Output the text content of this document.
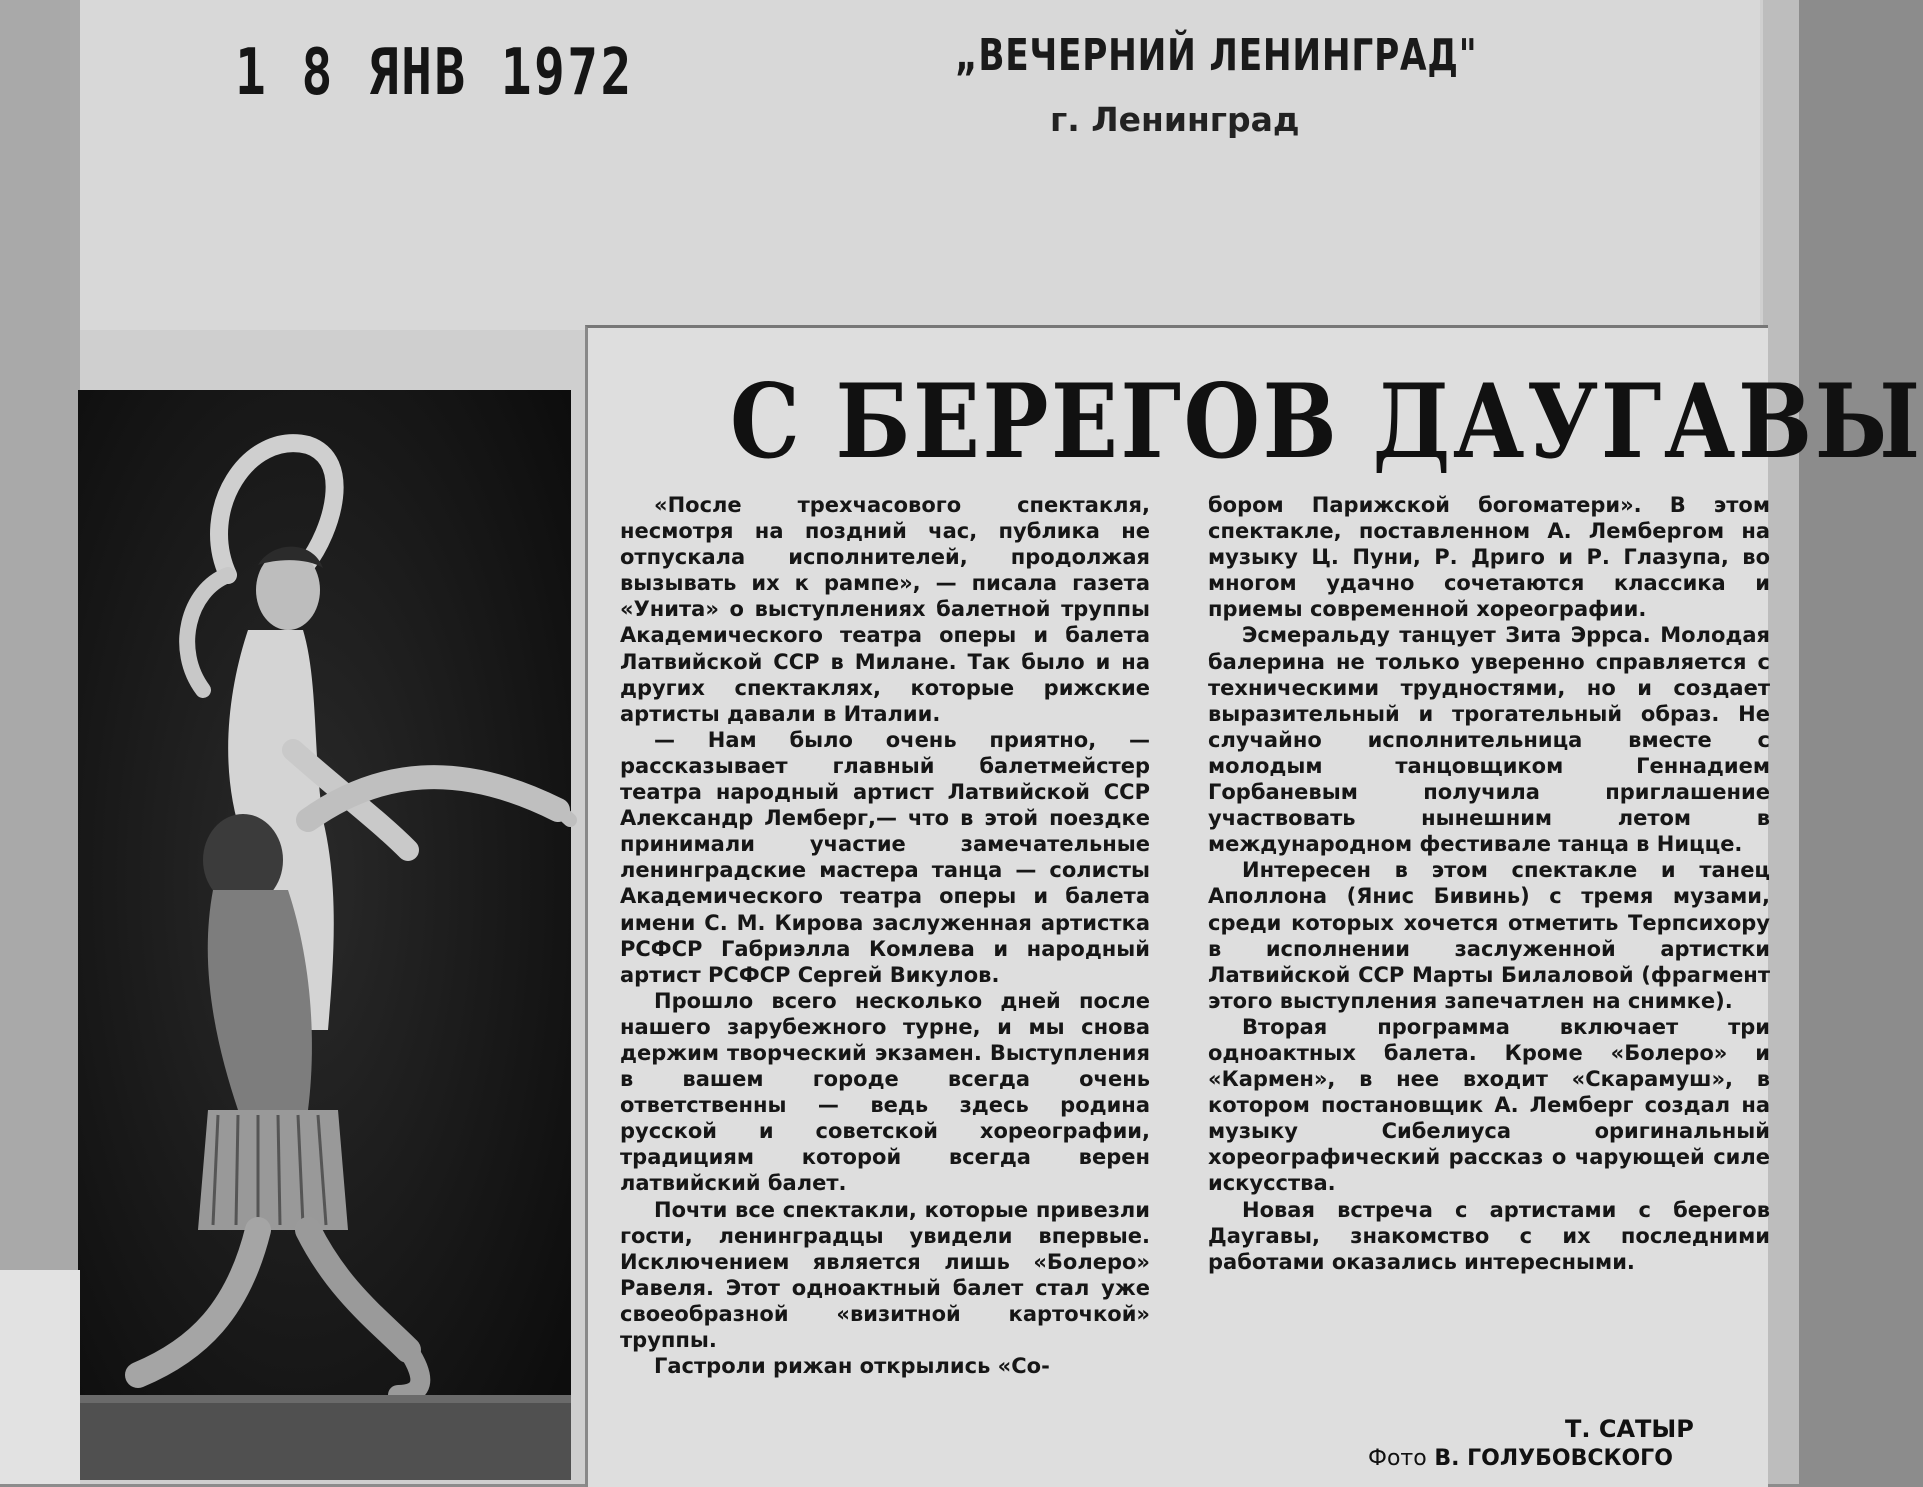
1 8 ЯНВ 1972	„ВЕЧЕРНИЙ ЛЕНИНГРАД"
г. Ленинград
С БЕРЕГОВ ДАУГАВЫ

«После трехчасового спектакля, несмотря на поздний час, публика не отпускала исполнителей, продолжая вызывать их к рампе», — писала газета «Унита» о выступлениях балетной труппы Академического театра оперы и балета Латвийской ССР в Милане. Так было и на других спектаклях, которые рижские артисты давали в Италии.

— Нам было очень приятно, — рассказывает главный балетмейстер театра народный артист Латвийской ССР Александр Лемберг,— что в этой поездке принимали участие замечательные ленинградские мастера танца — солисты Академического театра оперы и балета имени С. М. Кирова заслуженная артистка РСФСР Габриэлла Комлева и народный артист РСФСР Сергей Викулов.

Прошло всего несколько дней после нашего зарубежного турне, и мы снова держим творческий экзамен. Выступления в вашем городе всегда очень ответственны — ведь здесь родина русской и советской хореографии, традициям которой всегда верен латвийский балет.

Почти все спектакли, которые привезли гости, ленинградцы увидели впервые. Исключением является лишь «Болеро» Равеля. Этот одноактный балет стал уже своеобразной «визитной карточкой» труппы.

Гастроли рижан открылись «Со-

бором Парижской богоматери». В этом спектакле, поставленном А. Лембергом на музыку Ц. Пуни, Р. Дриго и Р. Глазупа, во многом удачно сочетаются классика и приемы современной хореографии.

Эсмеральду танцует Зита Эррса. Молодая балерина не только уверенно справляется с техническими трудностями, но и создает выразительный и трогательный образ. Не случайно исполнительница вместе с молодым танцовщиком Геннадием Горбаневым получила приглашение участвовать нынешним летом в международном фестивале танца в Ницце.

Интересен в этом спектакле и танец Аполлона (Янис Бивинь) с тремя музами, среди которых хочется отметить Терпсихору в исполнении заслуженной артистки Латвийской ССР Марты Билаловой (фрагмент этого выступления запечатлен на снимке).

Вторая программа включает три одноактных балета. Кроме «Болеро» и «Кармен», в нее входит «Скарамуш», в котором постановщик А. Лемберг создал на музыку Сибелиуса оригинальный хореографический рассказ о чарующей силе искусства.

Новая встреча с артистами с берегов Даугавы, знакомство с их последними работами оказались интересными.

Т. САТЫР
Фото В. ГОЛУБОВСКОГО
